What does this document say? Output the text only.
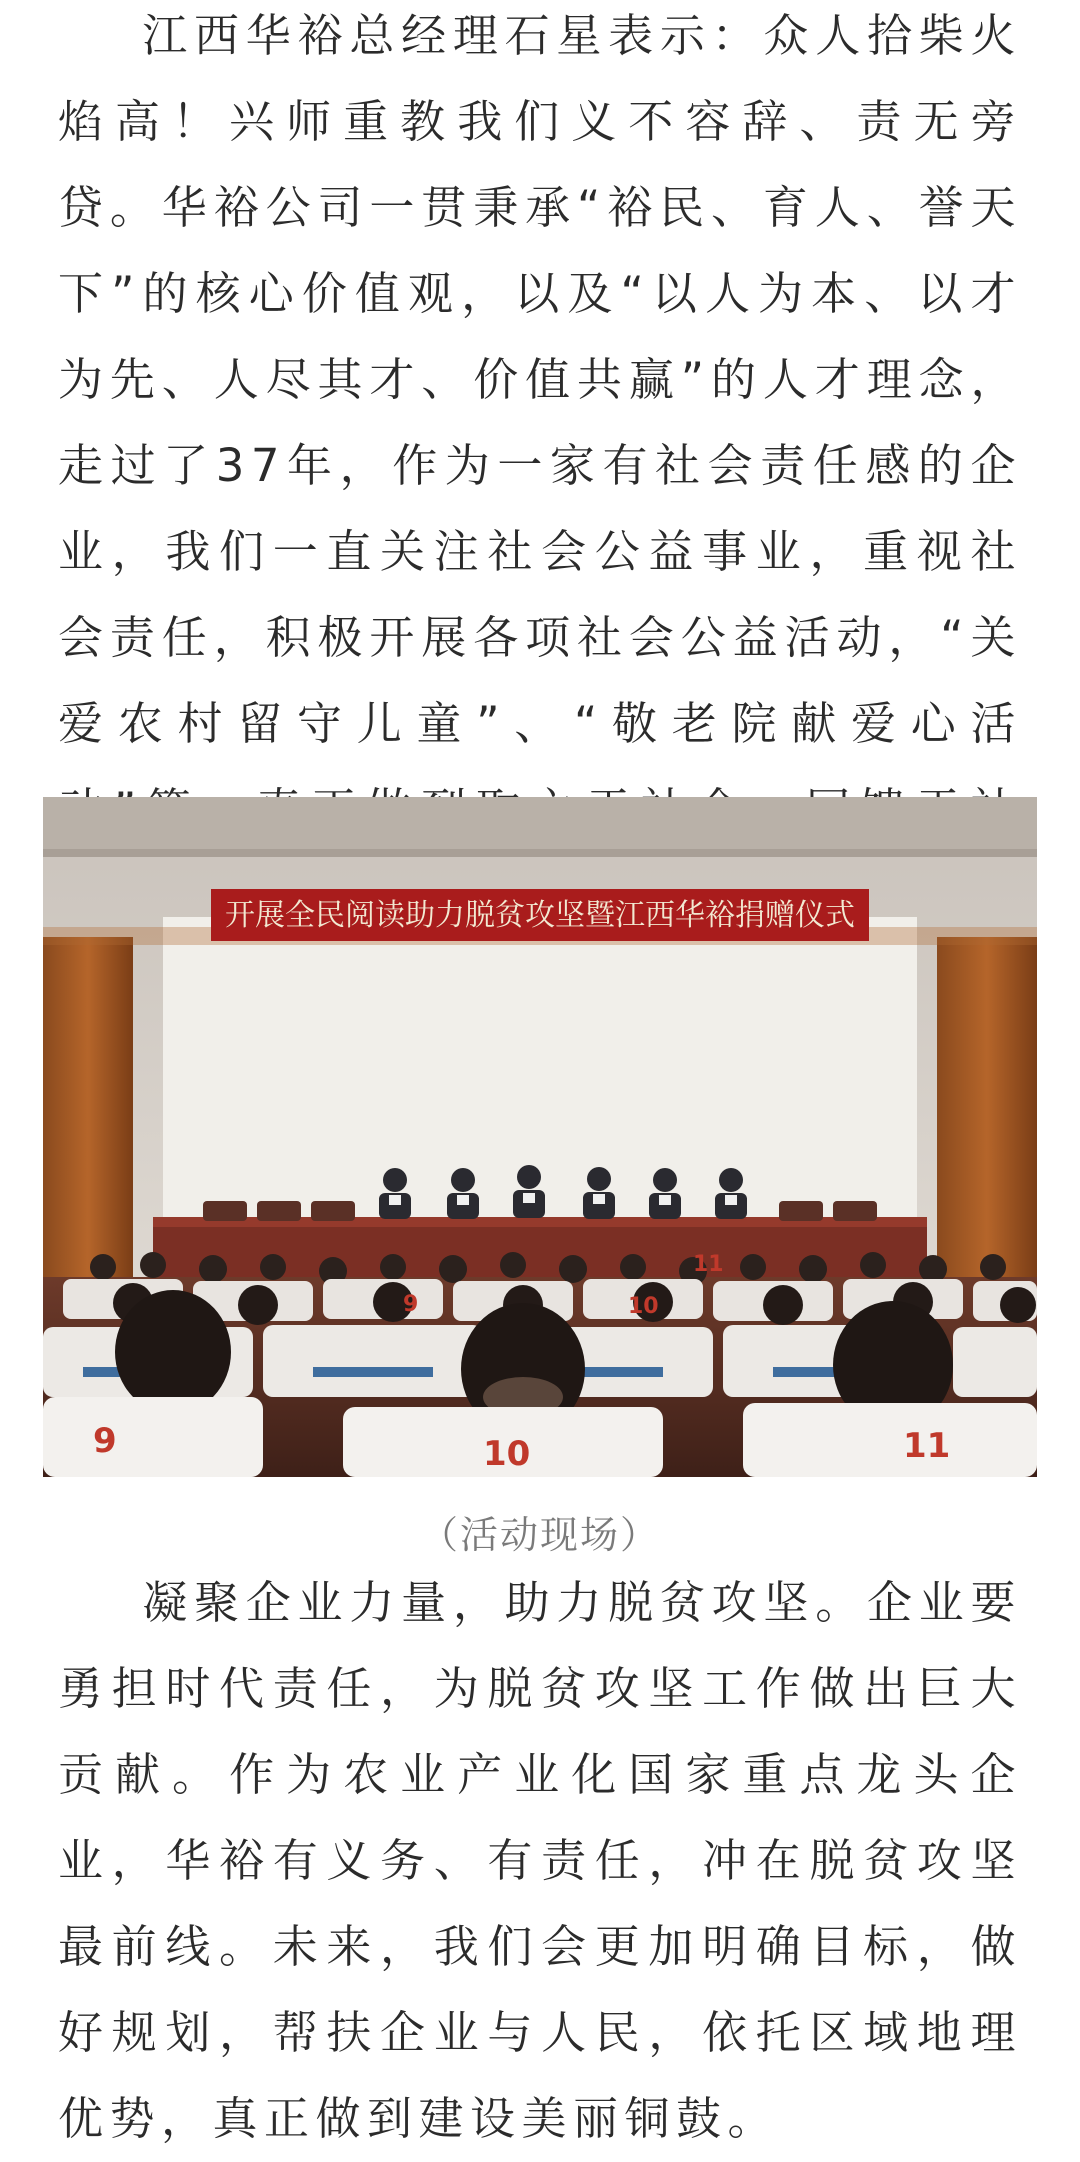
江西华裕总经理石星表示：众人拾柴火焰高！兴师重教我们义不容辞、责无旁贷。华裕公司一贯秉承“裕民、育人、誉天下”的核心价值观，以及“以人为本、以才为先、人尽其才、价值共赢”的人才理念，走过了37年，作为一家有社会责任感的企业，我们一直关注社会公益事业，重视社会责任，积极开展各项社会公益活动，“关爱农村留守儿童”、“敬老院献爱心活

开展全民阅读助力脱贫攻坚暨江西华裕捐赠仪式
9	10	11
9	10
11

（活动现场）

凝聚企业力量，助力脱贫攻坚。企业要勇担时代责任，为脱贫攻坚工作做出巨大贡献。作为农业产业化国家重点龙头企业，华裕有义务、有责任，冲在脱贫攻坚最前线。未来，我们会更加明确目标，做好规划，帮扶企业与人民，依托区域地理优势，真正做到建设美丽铜鼓。
